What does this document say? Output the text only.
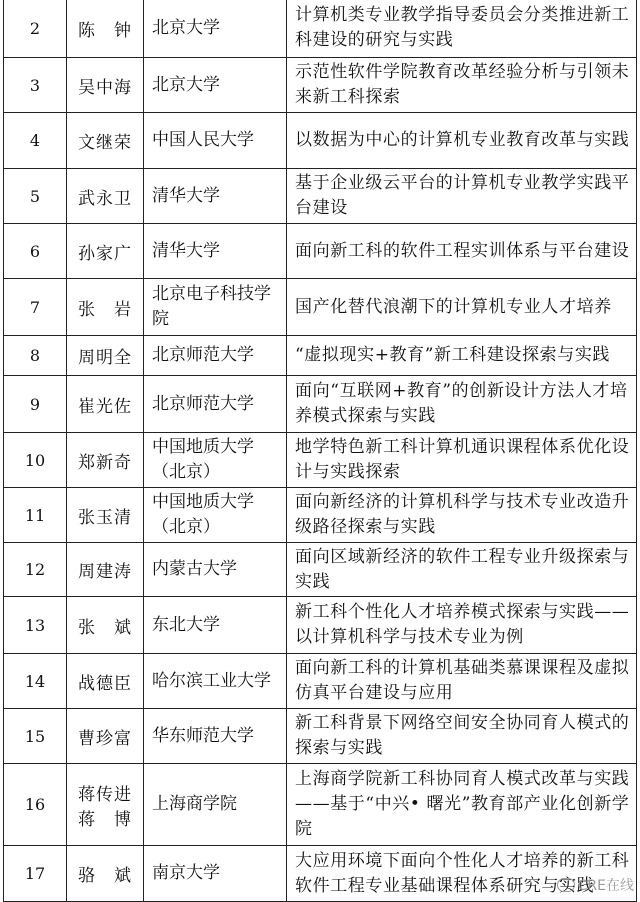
2	陈　钟	北京大学	计算机类专业教学指导委员会分类推进新工科建设的研究与实践
3	吴中海	北京大学	示范性软件学院教育改革经验分析与引领未来新工科探索
4	文继荣	中国人民大学	以数据为中心的计算机专业教育改革与实践
5	武永卫	清华大学	基于企业级云平台的计算机专业教学实践平台建设
6	孙家广	清华大学	面向新工科的软件工程实训体系与平台建设
7	张　岩	北京电子科技学院	国产化替代浪潮下的计算机专业人才培养
8	周明全	北京师范大学	“虚拟现实+教育”新工科建设探索与实践
9	崔光佐	北京师范大学	面向“互联网+教育”的创新设计方法人才培养模式探索与实践
10	郑新奇	中国地质大学（北京）	地学特色新工科计算机通识课程体系优化设计与实践探索
11	张玉清	中国地质大学（北京）	面向新经济的计算机科学与技术专业改造升级路径探索与实践
12	周建涛	内蒙古大学	面向区域新经济的软件工程专业升级探索与实践
13	张　斌	东北大学	新工科个性化人才培养模式探索与实践——以计算机科学与技术专业为例
14	战德臣	哈尔滨工业大学	面向新工科的计算机基础类慕课课程及虚拟仿真平台建设与应用
15	曹珍富	华东师范大学	新工科背景下网络空间安全协同育人模式的探索与实践
16	蒋传进 蒋　博	上海商学院	上海商学院新工科协同育人模式改革与实践——基于“中兴• 曙光”教育部产业化创新学院
17	骆　斌	南京大学	大应用环境下面向个性化人才培养的新工科软件工程专业基础课程体系研究与实践
CRE在线
